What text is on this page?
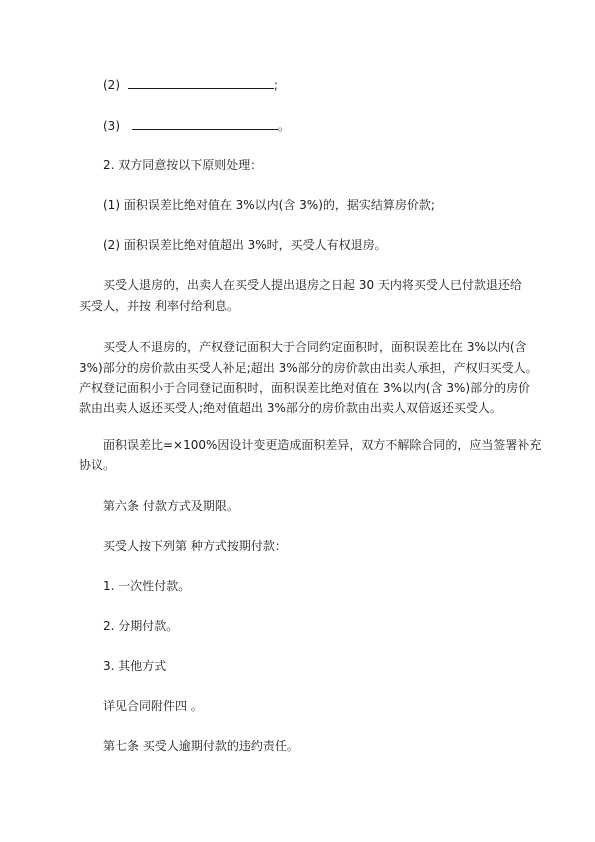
(2)	;
(3)	。
2. 双方同意按以下原则处理：
(1) 面积误差比绝对值在 3%以内(含 3%)的，据实结算房价款;
(2) 面积误差比绝对值超出 3%时，买受人有权退房。
买受人退房的，出卖人在买受人提出退房之日起 30 天内将买受人已付款退还给
买受人，并按 利率付给利息。
买受人不退房的，产权登记面积大于合同约定面积时，面积误差比在 3%以内(含
3%)部分的房价款由买受人补足;超出 3%部分的房价款由出卖人承担，产权归买受人。
产权登记面积小于合同登记面积时，面积误差比绝对值在 3%以内(含 3%)部分的房价
款由出卖人返还买受人;绝对值超出 3%部分的房价款由出卖人双倍返还买受人。
面积误差比=×100%因设计变更造成面积差异，双方不解除合同的，应当签署补充
协议。
第六条 付款方式及期限。
买受人按下列第 种方式按期付款：
1. 一次性付款。
2. 分期付款。
3. 其他方式
详见合同附件四 。
第七条 买受人逾期付款的违约责任。
